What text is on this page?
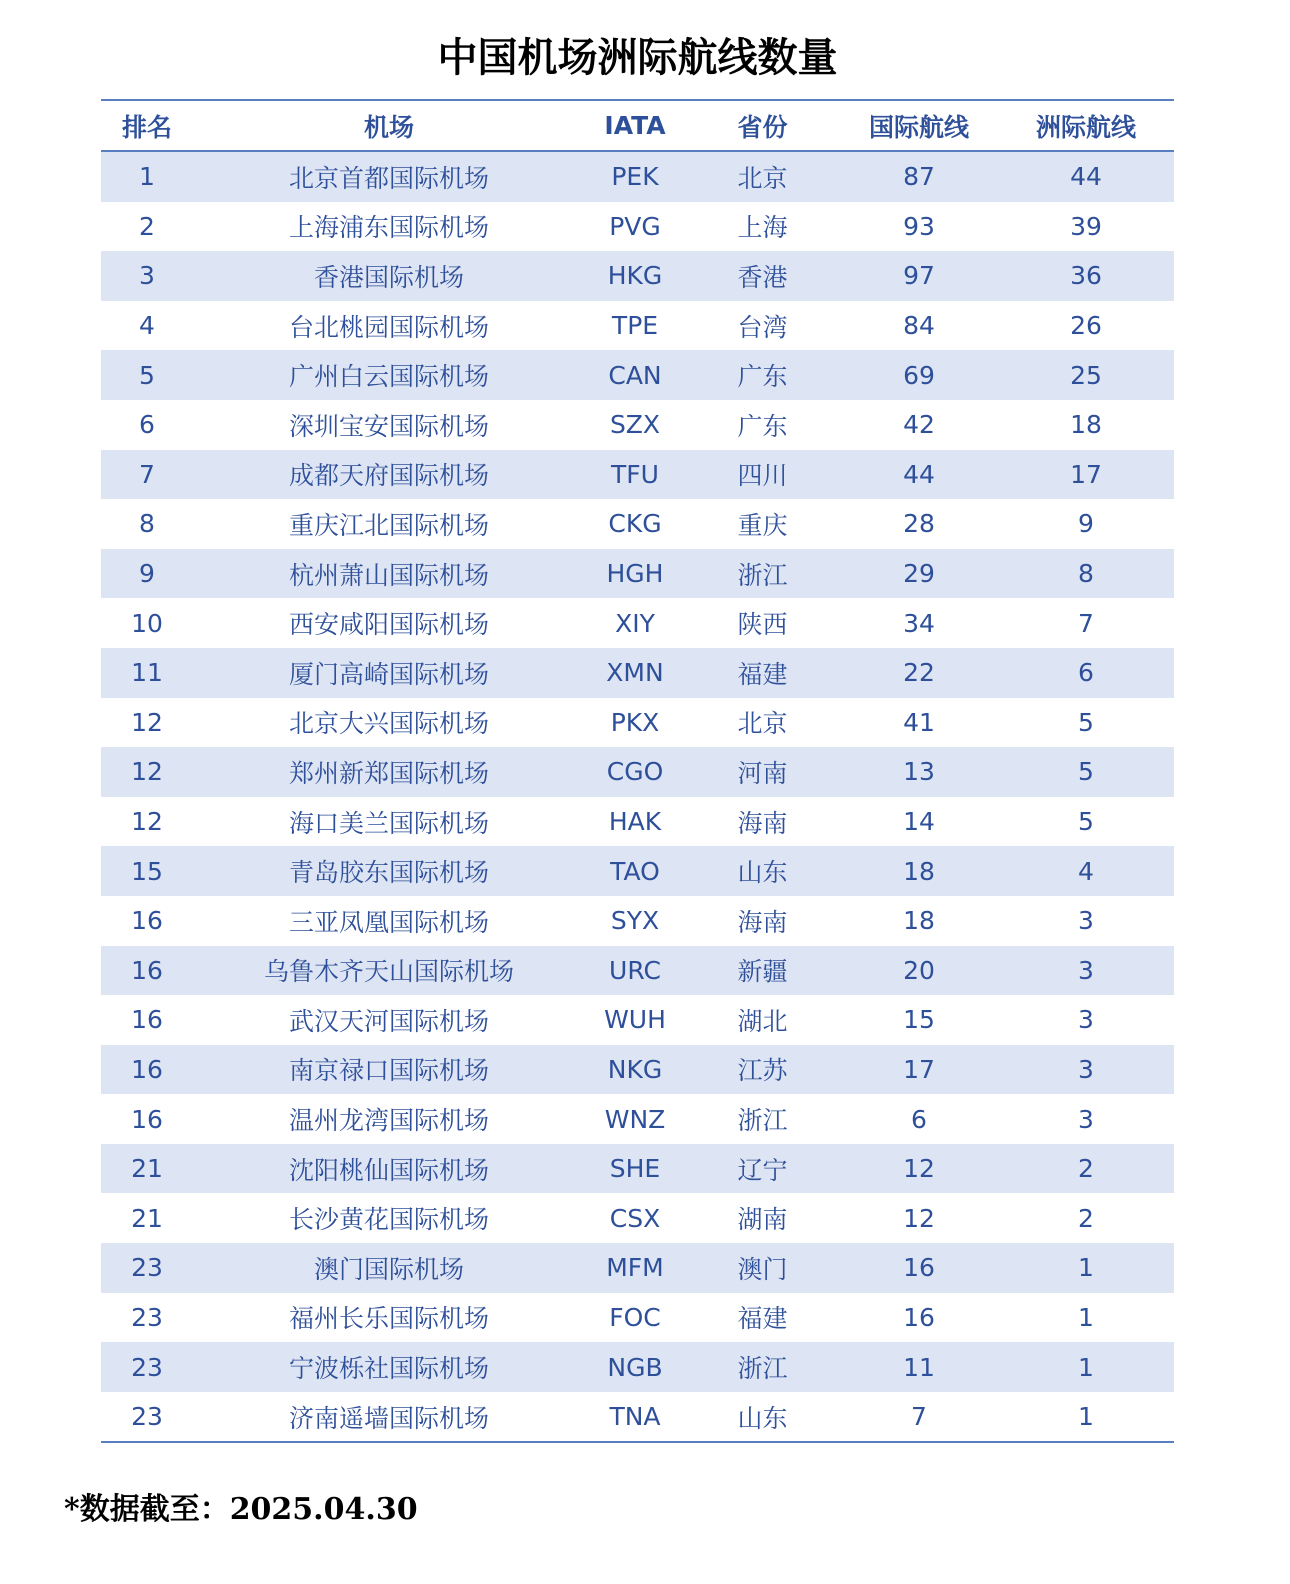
中国机场洲际航线数量
排名	机场	IATA	省份	国际航线	洲际航线
1	北京首都国际机场	PEK	北京	87	44
2	上海浦东国际机场	PVG	上海	93	39
3	香港国际机场	HKG	香港	97	36
4	台北桃园国际机场	TPE	台湾	84	26
5	广州白云国际机场	CAN	广东	69	25
6	深圳宝安国际机场	SZX	广东	42	18
7	成都天府国际机场	TFU	四川	44	17
8	重庆江北国际机场	CKG	重庆	28	9
9	杭州萧山国际机场	HGH	浙江	29	8
10	西安咸阳国际机场	XIY	陕西	34	7
11	厦门高崎国际机场	XMN	福建	22	6
12	北京大兴国际机场	PKX	北京	41	5
12	郑州新郑国际机场	CGO	河南	13	5
12	海口美兰国际机场	HAK	海南	14	5
15	青岛胶东国际机场	TAO	山东	18	4
16	三亚凤凰国际机场	SYX	海南	18	3
16	乌鲁木齐天山国际机场	URC	新疆	20	3
16	武汉天河国际机场	WUH	湖北	15	3
16	南京禄口国际机场	NKG	江苏	17	3
16	温州龙湾国际机场	WNZ	浙江	6	3
21	沈阳桃仙国际机场	SHE	辽宁	12	2
21	长沙黄花国际机场	CSX	湖南	12	2
23	澳门国际机场	MFM	澳门	16	1
23	福州长乐国际机场	FOC	福建	16	1
23	宁波栎社国际机场	NGB	浙江	11	1
23	济南遥墙国际机场	TNA	山东	7	1
*数据截至：2025.04.30
